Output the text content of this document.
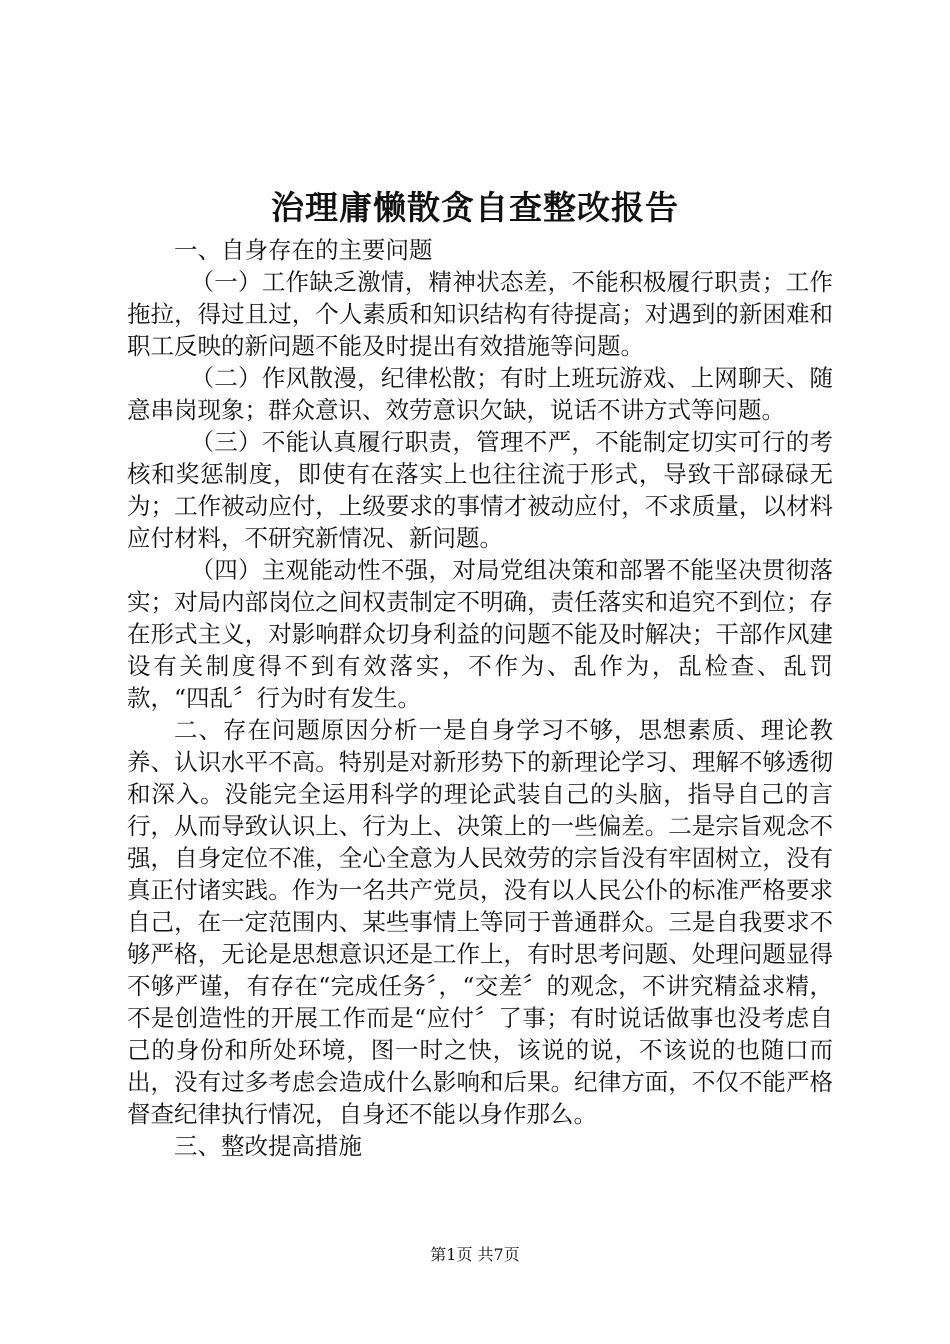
治理庸懒散贪自查整改报告

一、自身存在的主要问题

（一）工作缺乏激情，精神状态差，不能积极履行职责；工作拖拉，得过且过，个人素质和知识结构有待提高；对遇到的新困难和职工反映的新问题不能及时提出有效措施等问题。

（二）作风散漫，纪律松散；有时上班玩游戏、上网聊天、随意串岗现象；群众意识、效劳意识欠缺，说话不讲方式等问题。

（三）不能认真履行职责，管理不严，不能制定切实可行的考核和奖惩制度，即使有在落实上也往往流于形式，导致干部碌碌无为；工作被动应付，上级要求的事情才被动应付，不求质量，以材料应付材料，不研究新情况、新问题。

（四）主观能动性不强，对局党组决策和部署不能坚决贯彻落实；对局内部岗位之间权责制定不明确，责任落实和追究不到位；存在形式主义，对影响群众切身利益的问题不能及时解决；干部作风建设有关制度得不到有效落实，不作为、乱作为，乱检查、乱罚款，“四乱〞行为时有发生。

二、存在问题原因分析一是自身学习不够，思想素质、理论教养、认识水平不高。特别是对新形势下的新理论学习、理解不够透彻和深入。没能完全运用科学的理论武装自己的头脑，指导自己的言行，从而导致认识上、行为上、决策上的一些偏差。二是宗旨观念不强，自身定位不准，全心全意为人民效劳的宗旨没有牢固树立，没有真正付诸实践。作为一名共产党员，没有以人民公仆的标准严格要求自己，在一定范围内、某些事情上等同于普通群众。三是自我要求不够严格，无论是思想意识还是工作上，有时思考问题、处理问题显得不够严谨，有存在“完成任务〞，“交差〞的观念，不讲究精益求精，不是创造性的开展工作而是“应付〞了事；有时说话做事也没考虑自己的身份和所处环境，图一时之快，该说的说，不该说的也随口而出，没有过多考虑会造成什么影响和后果。纪律方面，不仅不能严格督查纪律执行情况，自身还不能以身作那么。

三、整改提高措施

第1页 共7页
